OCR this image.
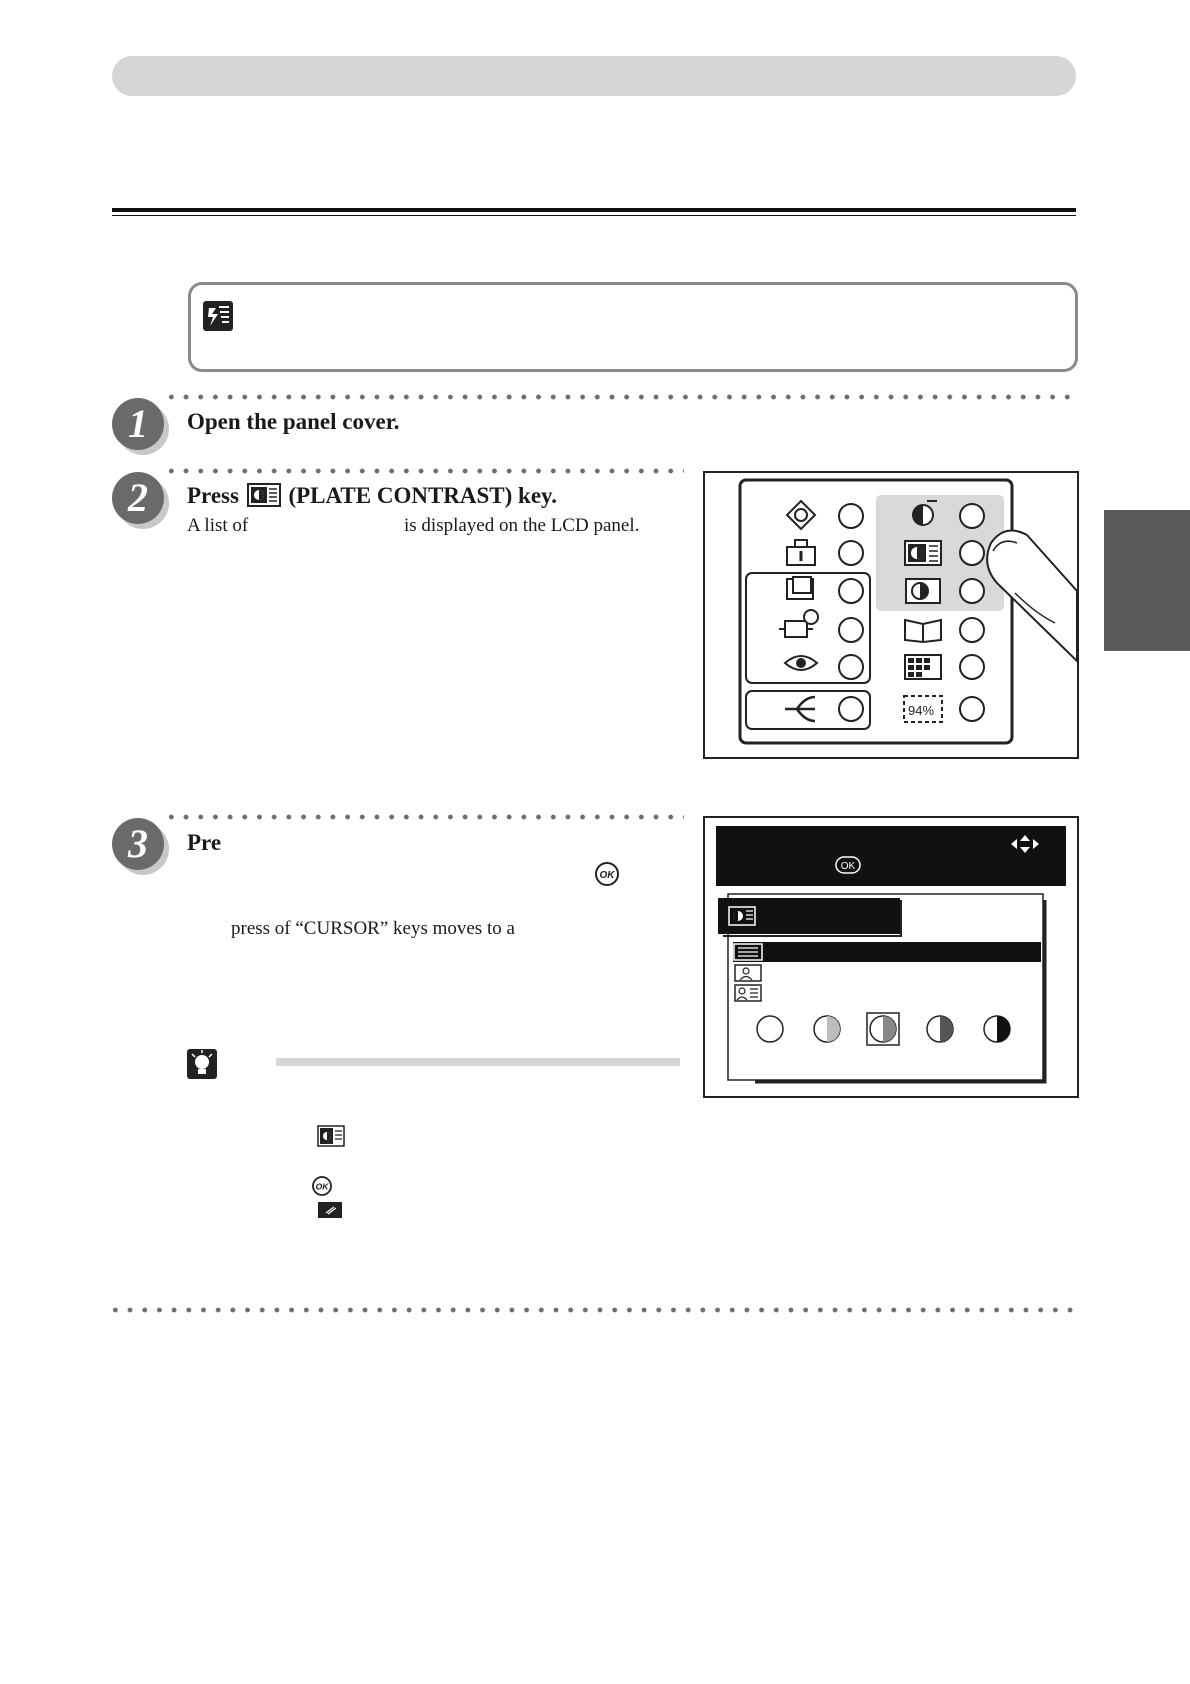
1	Open the panel cover.
2	Press (PLATE CONTRAST) key.
A list of	is displayed on the LCD panel.
94%
3	Pre
OK
press of “CURSOR” keys moves to a
OK
OK
